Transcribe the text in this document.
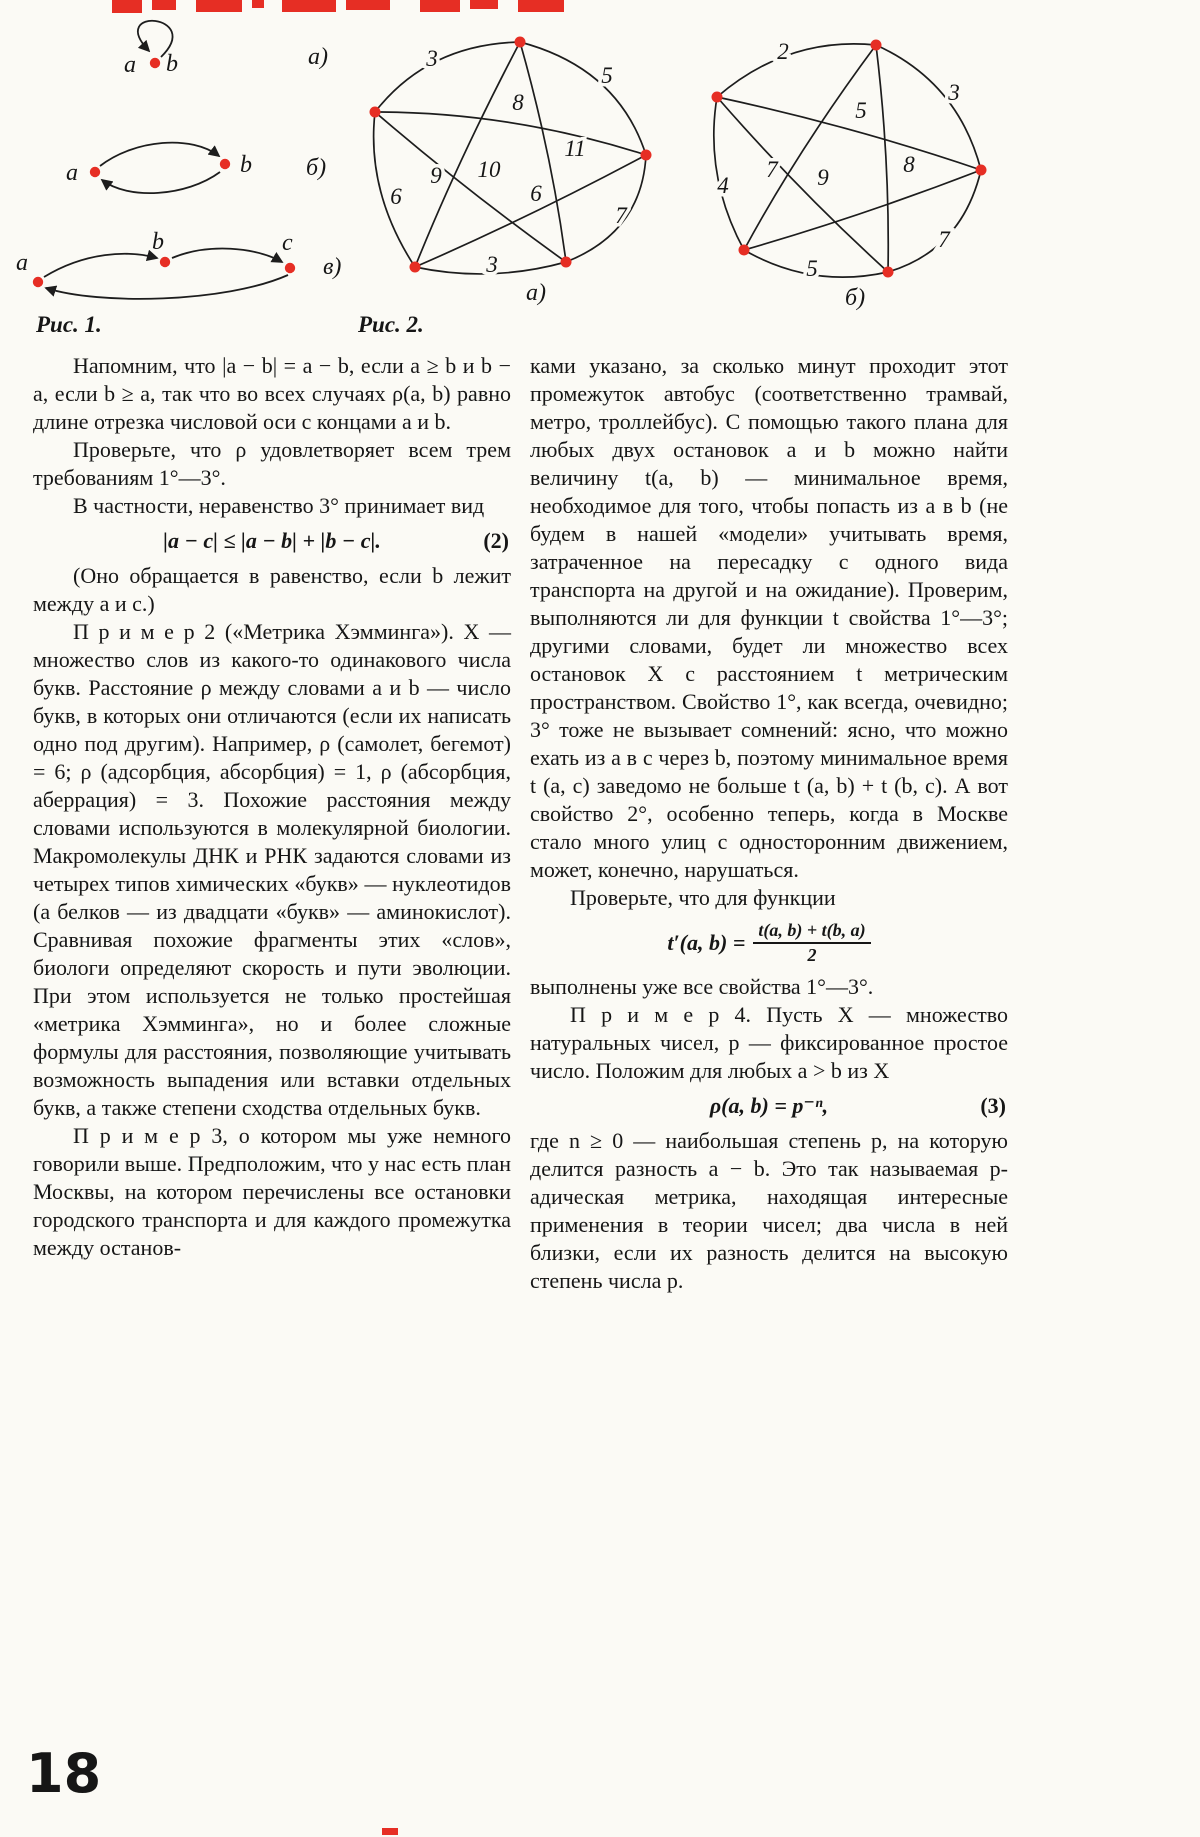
a b
a	b
a
b	c
а)
б)
в)
3
5
8
11
9 10
6	6
7
3
а)
2
3
5
8
7 9
4
7
5
б)
Рис. 1.	Рис. 2.

Напомним, что |a − b| = a − b, если a ≥ b и b − a, если b ≥ a, так что во всех случаях ρ(a, b) равно длине отрезка числовой оси с концами a и b.

Проверьте, что ρ удовлетворяет всем трем требованиям 1°—3°.

В частности, неравенство 3° принимает вид

|a − c| ≤ |a − b| + |b − c|.	(2)

(Оно обращается в равенство, если b лежит между a и c.)

П р и м е р 2 («Метрика Хэмминга»). X — множество слов из какого-то одинакового числа букв. Расстояние ρ между словами a и b — число букв, в которых они отличаются (если их написать одно под другим). Например, ρ (самолет, бегемот) = 6; ρ (адсорбция, абсорбция) = 1, ρ (абсорбция, аберрация) = 3. Похожие расстояния между словами используются в молекулярной биологии. Макромолекулы ДНК и РНК задаются словами из четырех типов химических «букв» — нуклеотидов (а белков — из двадцати «букв» — аминокислот). Сравнивая похожие фрагменты этих «слов», биологи определяют скорость и пути эволюции. При этом используется не только простейшая «метрика Хэмминга», но и более сложные формулы для расстояния, позволяющие учитывать возможность выпадения или вставки отдельных букв, а также степени сходства отдельных букв.

П р и м е р 3, о котором мы уже немного говорили выше. Предположим, что у нас есть план Москвы, на котором перечислены все остановки городского транспорта и для каждого промежутка между останов-

ками указано, за сколько минут проходит этот промежуток автобус (соответственно трамвай, метро, троллейбус). С помощью такого плана для любых двух остановок a и b можно найти величину t(a, b) — минимальное время, необходимое для того, чтобы попасть из a в b (не будем в нашей «модели» учитывать время, затраченное на пересадку с одного вида транспорта на другой и на ожидание). Проверим, выполняются ли для функции t свойства 1°—3°; другими словами, будет ли множество всех остановок X с расстоянием t метрическим пространством. Свойство 1°, как всегда, очевидно; 3° тоже не вызывает сомнений: ясно, что можно ехать из a в c через b, поэтому минимальное время t (a, c) заведомо не больше t (a, b) + t (b, c). А вот свойство 2°, особенно теперь, когда в Москве стало много улиц с односторонним движением, может, конечно, нарушаться.

Проверьте, что для функции

t′(a, $b) = \frac{t(a, b) + t(b, a)}{2}$

выполнены уже все свойства 1°—3°.

П р и м е р 4. Пусть X — множество натуральных чисел, p — фиксированное простое число. Положим для любых a > b из X

ρ(a, b) = p⁻ⁿ,	(3)

где n ≥ 0 — наибольшая степень p, на которую делится разность a − b. Это так называемая p-адическая метрика, находящая интересные применения в теории чисел; два числа в ней близки, если их разность делится на высокую степень числа p.

18
